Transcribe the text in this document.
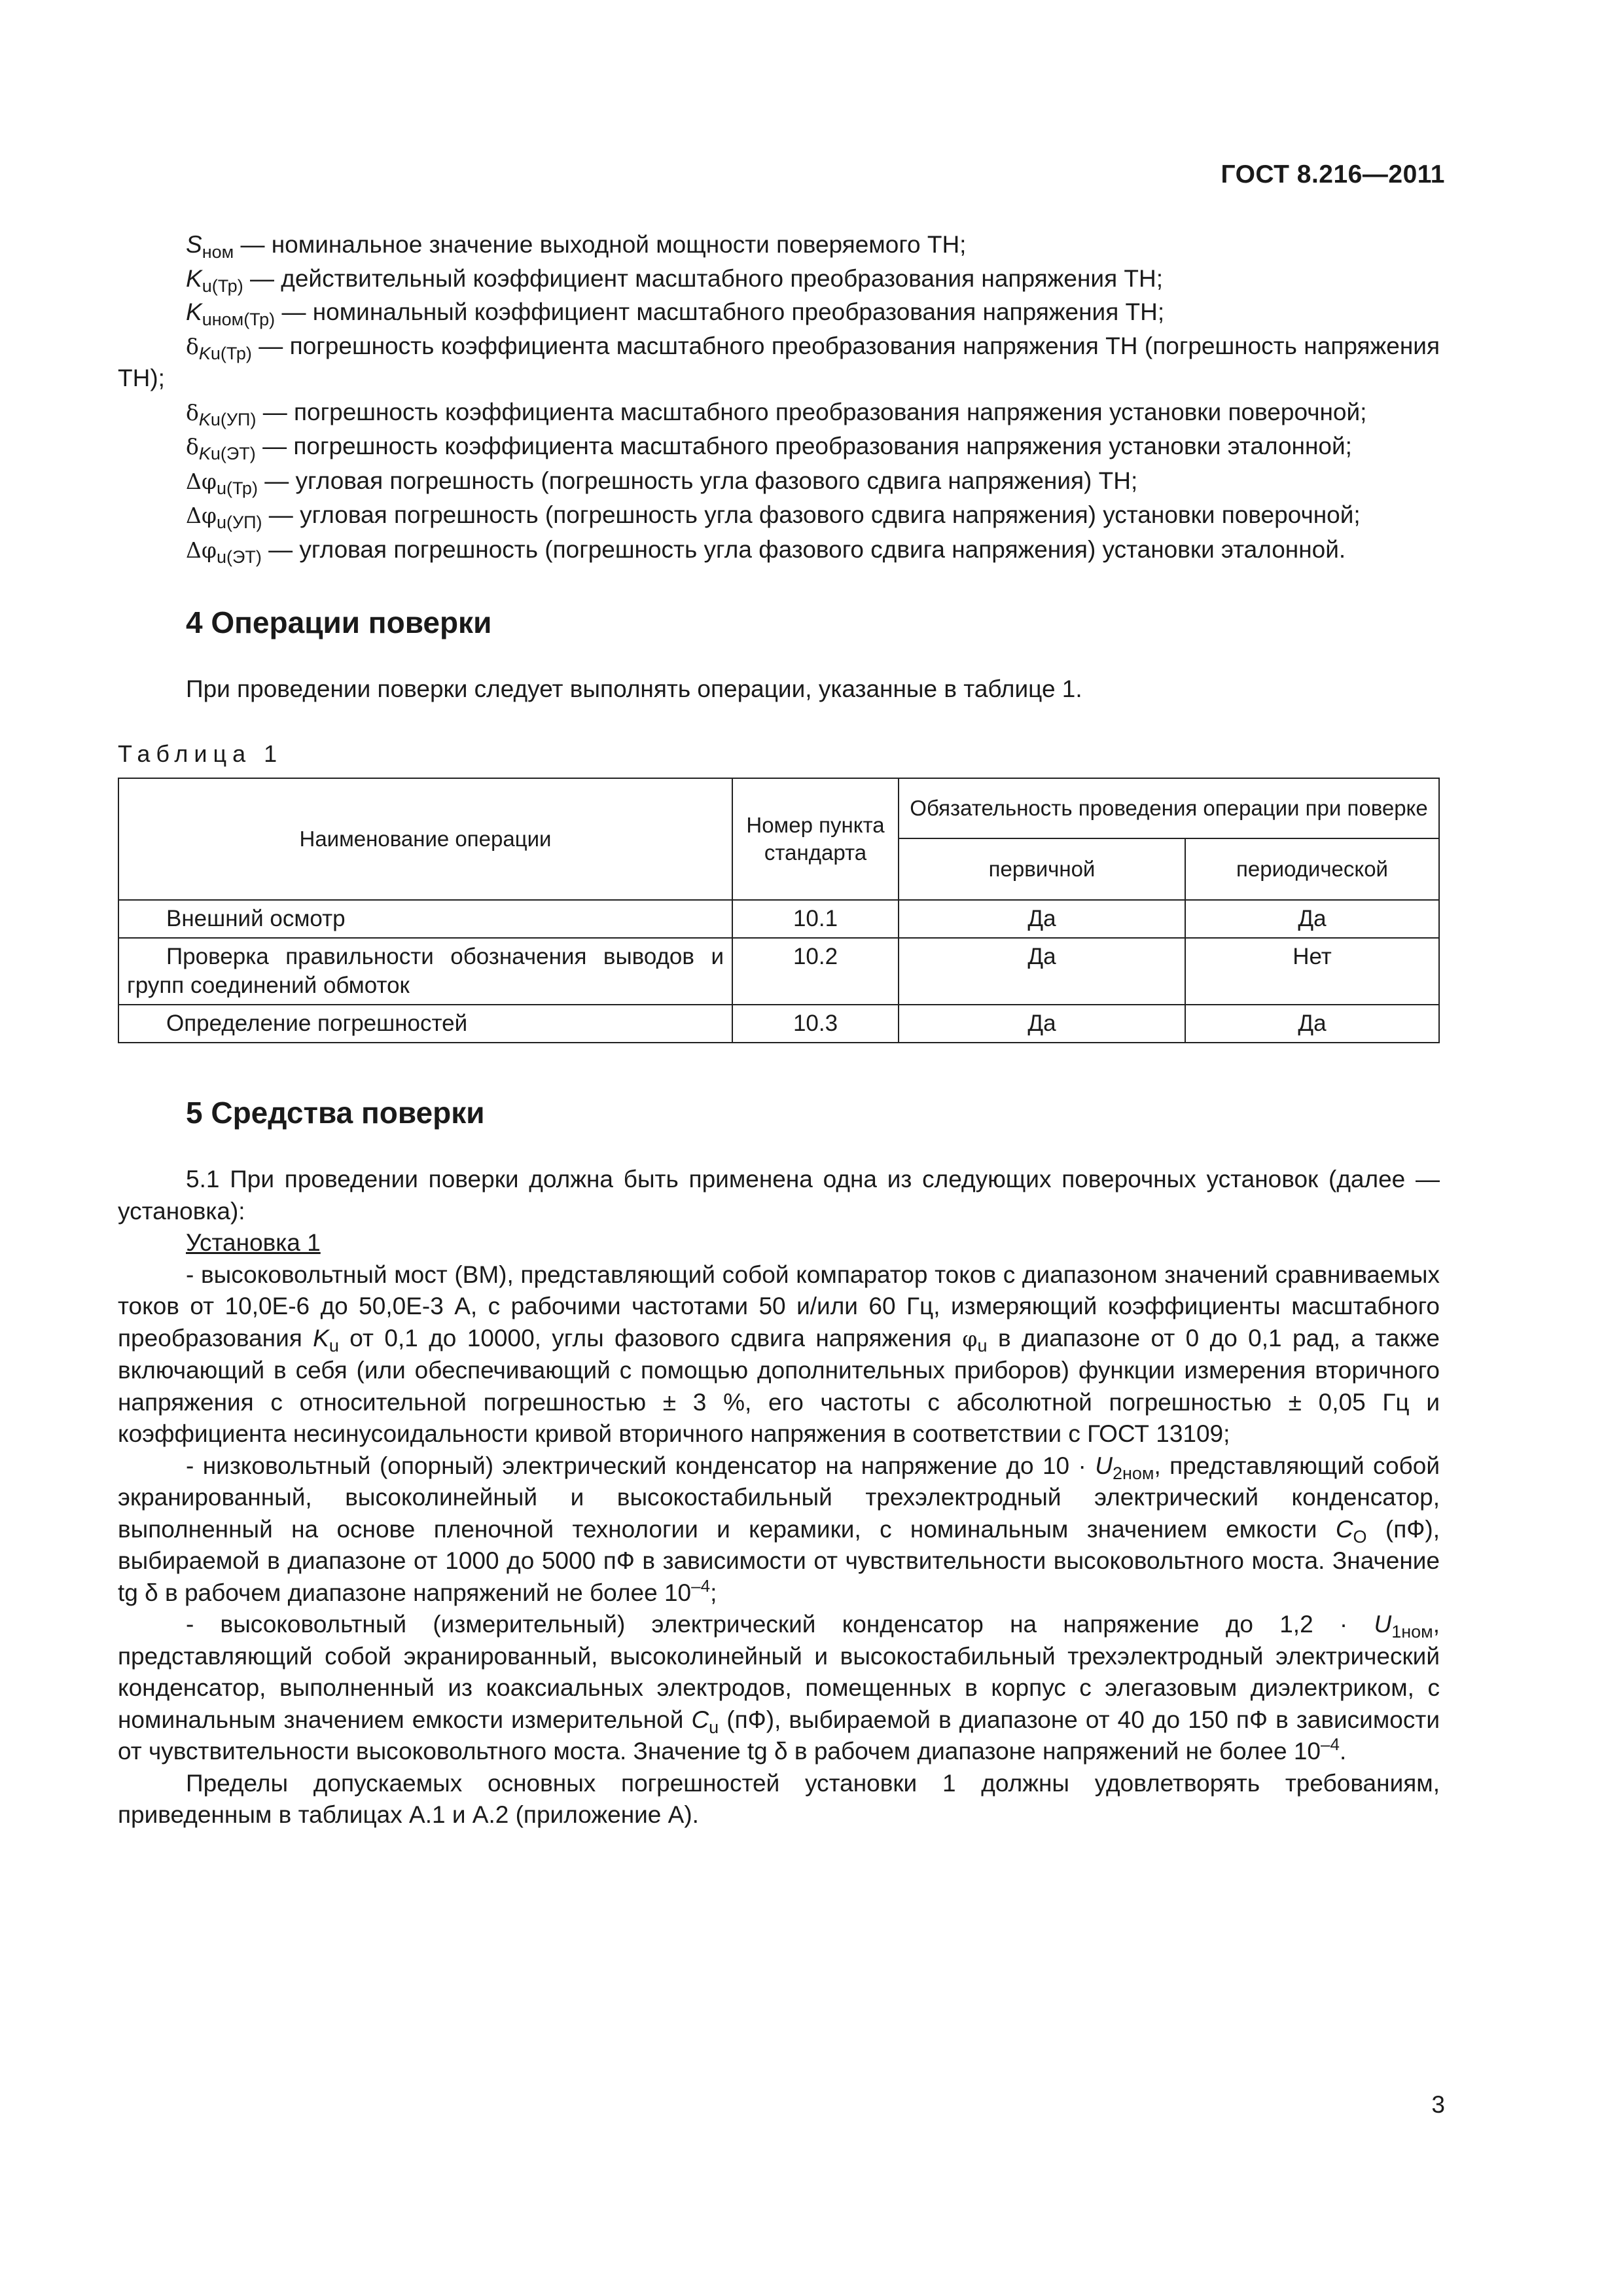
ГОСТ 8.216—2011

$S_{ном}$ — номинальное значение выходной мощности поверяемого ТН;

$K_{u(Тр)}$ — действительный коэффициент масштабного преобразования напряжения ТН;

$K_{uном(Тр)}$ — номинальный коэффициент масштабного преобразования напряжения ТН;

$\delta_{Ku(Тр)}$ — погрешность коэффициента масштабного преобразования напряжения ТН (погрешность напряжения ТН);

$\delta_{Ku(УП)}$ — погрешность коэффициента масштабного преобразования напряжения установки поверочной;

$\delta_{Ku(ЭТ)}$ — погрешность коэффициента масштабного преобразования напряжения установки эталонной;

$\Delta\varphi_{u(Тр)}$ — угловая погрешность (погрешность угла фазового сдвига напряжения) ТН;

$\Delta\varphi_{u(УП)}$ — угловая погрешность (погрешность угла фазового сдвига напряжения) установки поверочной;

$\Delta\varphi_{u(ЭТ)}$ — угловая погрешность (погрешность угла фазового сдвига напряжения) установки эталонной.

4 Операции поверки

При проведении поверки следует выполнять операции, указанные в таблице 1.

Таблица 1

Наименование операции	Номер пункта стандарта	Обязательность проведения операции при поверке	
		первичной	периодической

Внешний осмотр	10.1	Да	Да

Проверка правильности обозначения выводов и групп соединений обмоток	10.2	Да	Нет

Определение погрешностей	10.3	Да	Да
5 Средства поверки

5.1 При проведении поверки должна быть применена одна из следующих поверочных установок (далее — установка):

Установка 1

- высоковольтный мост (ВМ), представляющий собой компаратор токов с диапазоном значений сравниваемых токов от 10,0Е-6 до 50,0Е-3 А, с рабочими частотами 50 и/или 60 Гц, измеряющий коэффициенты масштабного преобразования $K_u$ от 0,1 до 10000, углы фазового сдвига напряжения $\varphi_u$ в диапазоне от 0 до 0,1 рад, а также включающий в себя (или обеспечивающий с помощью дополнительных приборов) функции измерения вторичного напряжения с относительной погрешностью ± 3 %, его частоты с абсолютной погрешностью ± 0,05 Гц и коэффициента несинусоидальности кривой вторичного напряжения в соответствии с ГОСТ 13109;

- низковольтный (опорный) электрический конденсатор на напряжение до $10 \cdot U_{2ном}$, представляющий собой экранированный, высоколинейный и высокостабильный трехэлектродный электрический конденсатор, выполненный на основе пленочной технологии и керамики, с номинальным значением емкости $C_O$ (пФ), выбираемой в диапазоне от 1000 до 5000 пФ в зависимости от чувствительности высоковольтного моста. Значение tg δ в рабочем диапазоне напряжений не более $10^{-4}$;

- высоковольтный (измерительный) электрический конденсатор на напряжение до $1,2 \cdot U_{1ном}$, представляющий собой экранированный, высоколинейный и высокостабильный трехэлектродный электрический конденсатор, выполненный из коаксиальных электродов, помещенных в корпус с элегазовым диэлектриком, с номинальным значением емкости измерительной $C_u$ (пФ), выбираемой в диапазоне от 40 до 150 пФ в зависимости от чувствительности высоковольтного моста. Значение tg δ в рабочем диапазоне напряжений не более $10^{-4}$.

Пределы допускаемых основных погрешностей установки 1 должны удовлетворять требованиям, приведенным в таблицах А.1 и А.2 (приложение А).

3
